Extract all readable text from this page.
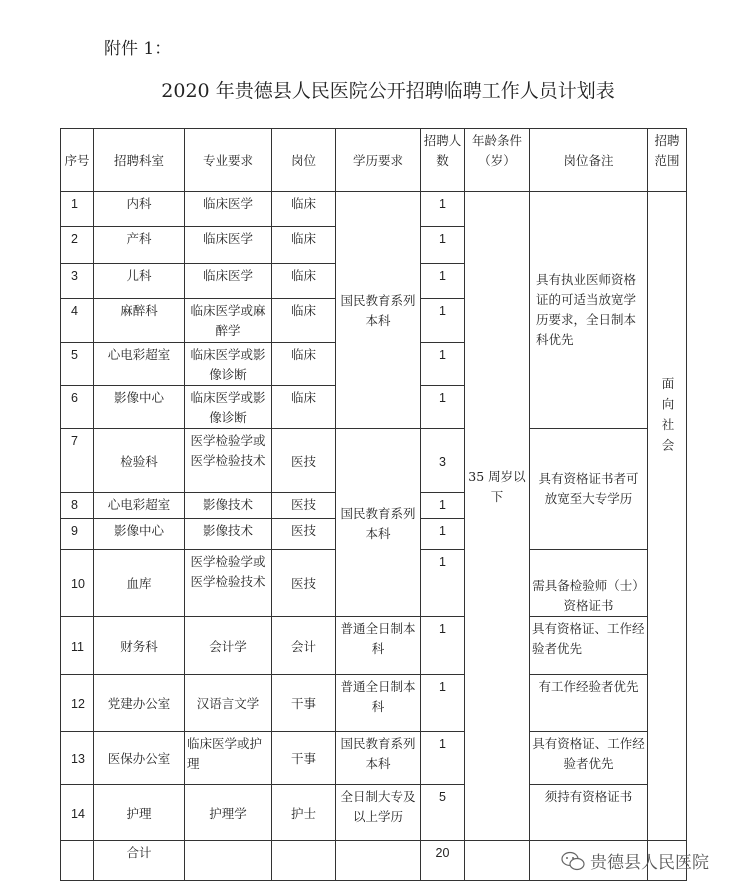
附件 1：
2020 年贵德县人民医院公开招聘临聘工作人员计划表
序号	招聘科室	专业要求	岗位	学历要求	招聘人数	年龄条件（岁）	岗位备注	招聘范围
1	内科	临床医学	临床	国民教育系列本科	1	35 周岁以下	具有执业医师资格证的可适当放宽学历要求，全日制本科优先	面向社会

2	产科	临床医学	临床		1			
3	儿科	临床医学	临床		1			
4	麻醉科	临床医学或麻醉学	临床		1			
5	心电彩超室	临床医学或影像诊断	临床		1			
6	影像中心	临床医学或影像诊断	临床		1			
7	检验科	医学检验学或医学检验技术	医技	国民教育系列本科	3		具有资格证书者可放宽至大专学历	
8	心电彩超室	影像技术	医技		1			
9	影像中心	影像技术	医技		1			
10	血库	医学检验学或医学检验技术	医技		1		需具备检验师（士）资格证书	
11	财务科	会计学	会计	普通全日制本科	1		具有资格证、工作经验者优先	
12	党建办公室	汉语言文学	干事	普通全日制本科	1		有工作经验者优先	
13	医保办公室	临床医学或护理	干事	国民教育系列本科	1		具有资格证、工作经验者优先	
14	护理	护理学	护士	全日制大专及以上学历	5		须持有资格证书	
	合计				20				贵德县人民医院
